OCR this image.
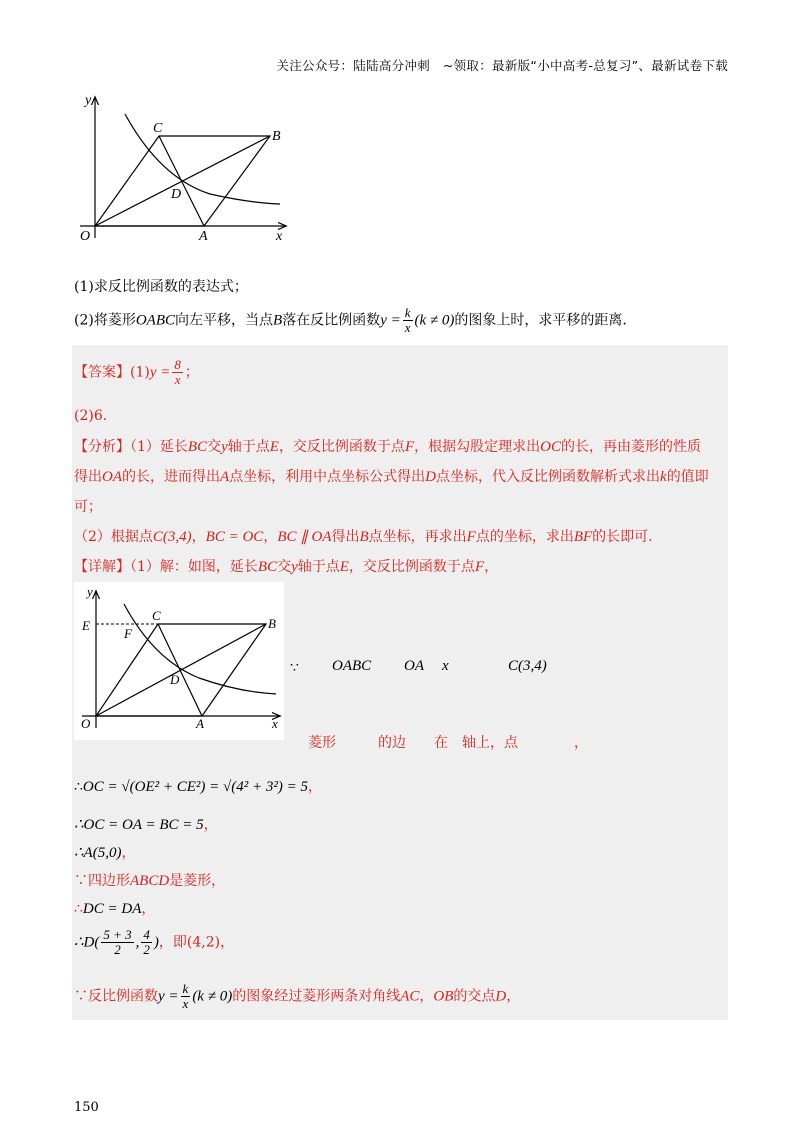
关注公众号：陆陆高分冲刺　~领取：最新版“小中高考-总复习”、最新试卷下载
y
x
O	A
B
C
D
(1)求反比例函数的表达式；
(2)将菱形OABC向左平移，当点B落在反比例函数$y = \frac{k}{x} (k \ne 0)$的图象上时，求平移的距离.
【答案】$(1)y = \frac{8}{x}$ ；
(2)6.
【分析】（1）延长BC交y轴于点E，交反比例函数于点F，根据勾股定理求出OC的长，再由菱形的性质
得出OA的长，进而得出A点坐标，利用中点坐标公式得出D点坐标，代入反比例函数解析式求出k的值即
可；
（2）根据点C(3,4)，BC = OC，BC ∥ OA得出B点坐标，再求出F点的坐标，求出BF的长即可.
【详解】（1）解：如图，延长BC交y轴于点E，交反比例函数于点F，
y
x
O	A
B
C
D
E
F
∵ OABC OA x	C(3,4)
菱形　　　的边　　在　轴上，点　　　　，
∴OC = √(OE² + CE²) = √(4² + 3²) = 5，
∴OC = OA = BC = 5，
∴A(5,0)，
∵四边形ABCD是菱形，
∴DC = DA，
∴D( $\frac{5 + 3}{2}$ , $\frac{4}{2}$ )，即(4,2)，
∵反比例函数$y = \frac{k}{x} (k \ne 0)$的图象经过菱形两条对角线AC，OB的交点D，
150
